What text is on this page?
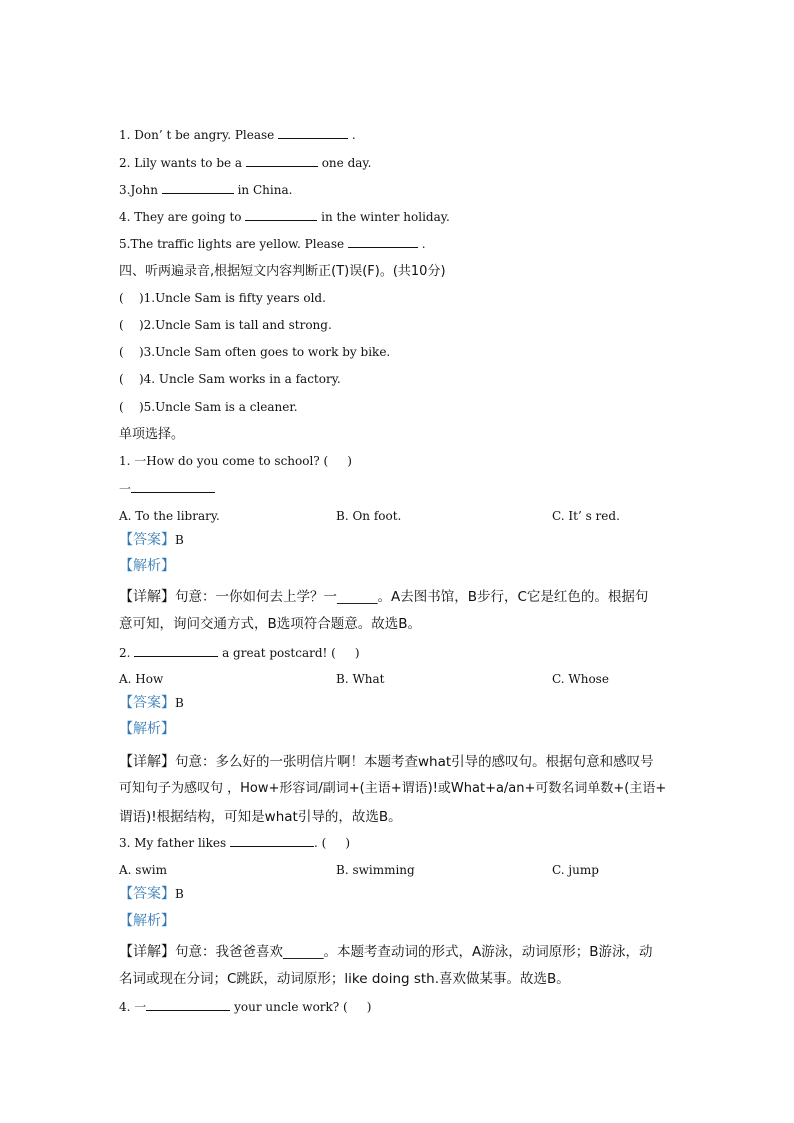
1. Don’ t be angry. Please	.
2. Lily wants to be a	one day.
3.John	in China.
4. They are going to	in the winter holiday.
5.The traffic lights are yellow. Please	.
四、听两遍录音,根据短文内容判断正(T)误(F)。(共10分)
(    )1.Uncle Sam is fifty years old.
(    )2.Uncle Sam is tall and strong.
(    )3.Uncle Sam often goes to work by bike.
(    )4. Uncle Sam works in a factory.
(    )5.Uncle Sam is a cleaner.
单项选择。
1. 一How do you come to school? (     )
一
A. To the library.	B. On foot.	C. It’ s red.
【答案】B
【解析】
【详解】句意：一你如何去上学？一______。A去图书馆，B步行，C它是红色的。根据句
意可知，询问交通方式，B选项符合题意。故选B。
2.	a great postcard! (     )
A. How	B. What	C. Whose
【答案】B
【解析】
【详解】句意：多么好的一张明信片啊！本题考查what引导的感叹句。根据句意和感叹号
可知句子为感叹句 ，How+形容词/副词+(主语+谓语)!或What+a/an+可数名词单数+(主语+
谓语)!根据结构，可知是what引导的，故选B。
3. My father likes	. (     )
A. swim	B. swimming	C. jump
【答案】B
【解析】
【详解】句意：我爸爸喜欢______。本题考查动词的形式，A游泳，动词原形；B游泳，动
名词或现在分词；C跳跃，动词原形；like doing sth.喜欢做某事。故选B。
4. 一	your uncle work? (     )
